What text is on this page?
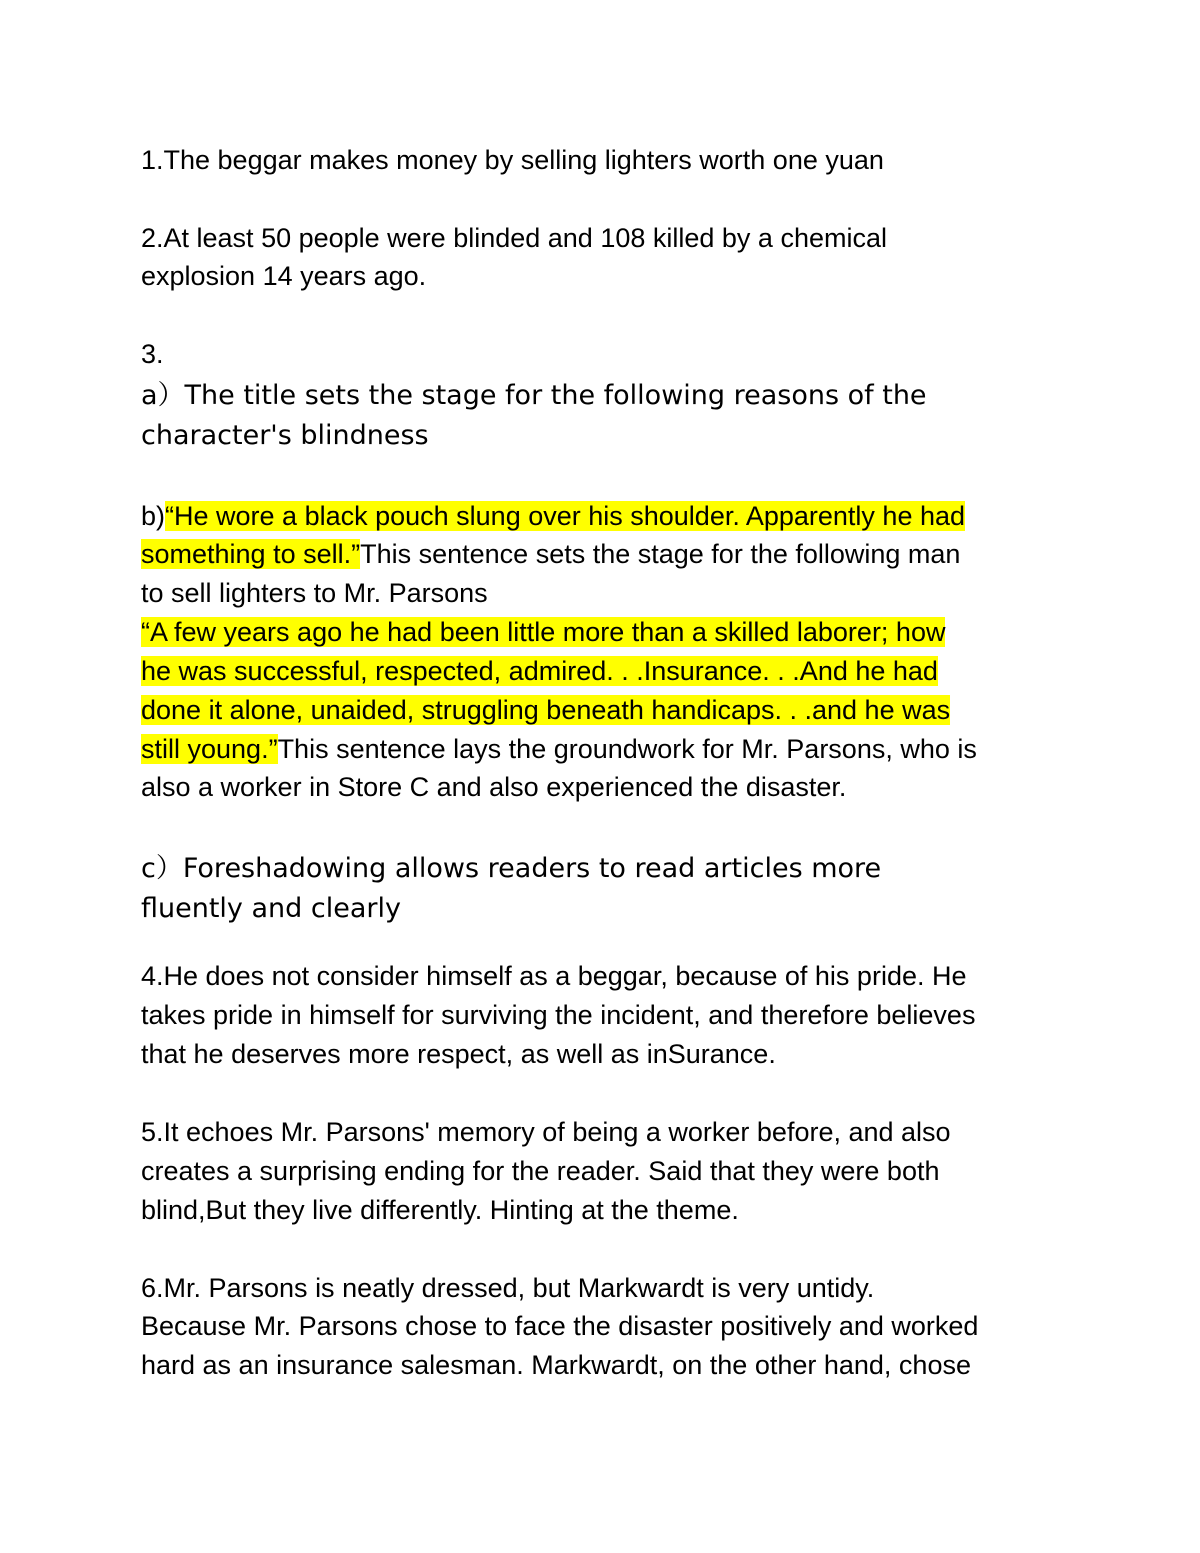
1.The beggar makes money by selling lighters worth one yuan
2.At least 50 people were blinded and 108 killed by a chemical
explosion 14 years ago.
3.
a）The title sets the stage for the following reasons of the
character's blindness
b)“He wore a black pouch slung over his shoulder. Apparently he had
something to sell.”This sentence sets the stage for the following man
to sell lighters to Mr. Parsons
“A few years ago he had been little more than a skilled laborer; how
he was successful, respected, admired. . .Insurance. . .And he had
done it alone, unaided, struggling beneath handicaps. . .and he was
still young.”This sentence lays the groundwork for Mr. Parsons, who is
also a worker in Store C and also experienced the disaster.
c）Foreshadowing allows readers to read articles more
fluently and clearly
4.He does not consider himself as a beggar, because of his pride. He
takes pride in himself for surviving the incident, and therefore believes
that he deserves more respect, as well as inSurance.
5.It echoes Mr. Parsons' memory of being a worker before, and also
creates a surprising ending for the reader. Said that they were both
blind,But they live differently. Hinting at the theme.
6.Mr. Parsons is neatly dressed, but Markwardt is very untidy.
Because Mr. Parsons chose to face the disaster positively and worked
hard as an insurance salesman. Markwardt, on the other hand, chose
